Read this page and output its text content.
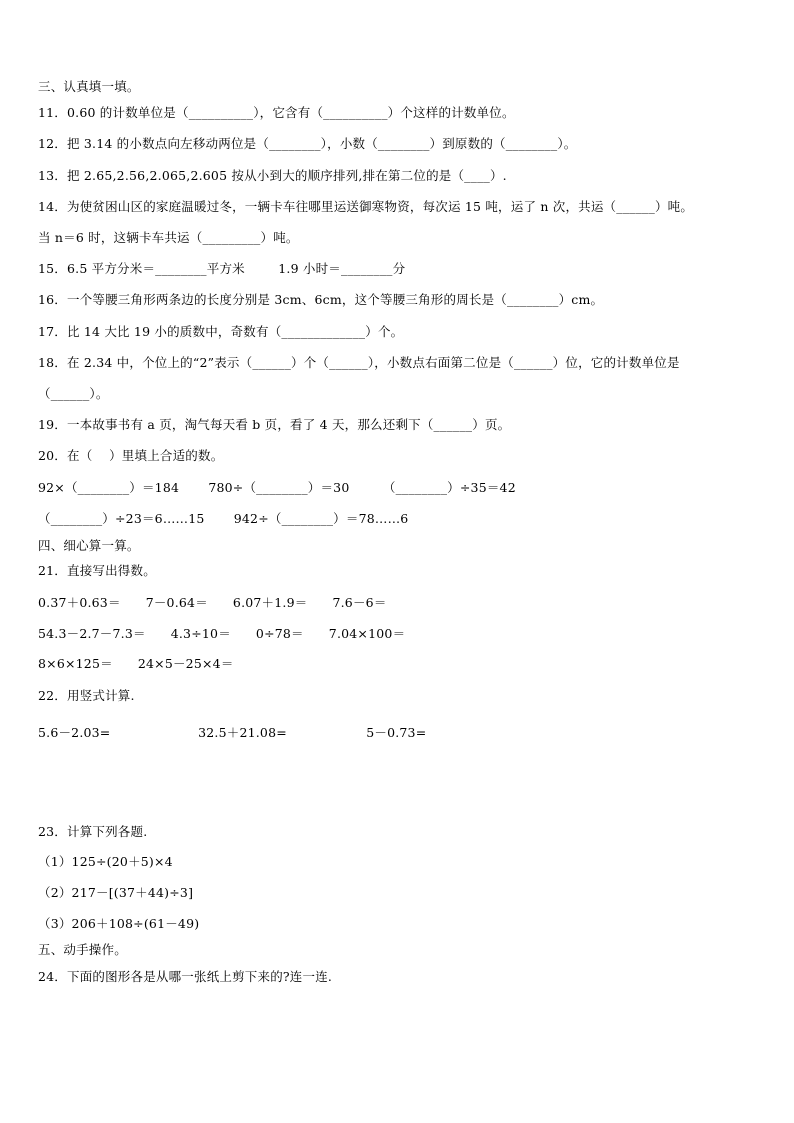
三、认真填一填。
11．0.60 的计数单位是（__________），它含有（__________）个这样的计数单位。
12．把 3.14 的小数点向左移动两位是（________），小数（________）到原数的（________）。
13．把 2.65,2.56,2.065,2.605 按从小到大的顺序排列,排在第二位的是（____）.
14．为使贫困山区的家庭温暖过冬，一辆卡车往哪里运送御寒物资，每次运 15 吨，运了 n 次，共运（______）吨。
当 n＝6 时，这辆卡车共运（_________）吨。
15．6.5 平方分米＝________平方米        1.9 小时＝________分
16．一个等腰三角形两条边的长度分别是 3cm、6cm，这个等腰三角形的周长是（________）cm。
17．比 14 大比 19 小的质数中，奇数有（_____________）个。
18．在 2.34 中，个位上的“2”表示（______）个（______），小数点右面第二位是（______）位，它的计数单位是
（______）。
19．一本故事书有 a 页，淘气每天看 b 页，看了 4 天，那么还剩下（______）页。
20．在（    ）里填上合适的数。
92×（________）＝184       780÷（________）＝30        （________）÷35＝42
（________）÷23＝6……15       942÷（________）＝78……6
四、细心算一算。
21．直接写出得数。
0.37＋0.63＝      7－0.64＝      6.07＋1.9＝      7.6－6＝
54.3－2.7－7.3＝      4.3÷10＝      0÷78＝      7.04×100＝
8×6×125＝      24×5－25×4＝
22．用竖式计算.
5.6－2.03=                     32.5＋21.08=                   5－0.73=
23．计算下列各题.
（1）125÷(20＋5)×4
（2）217－[(37＋44)÷3]
（3）206＋108÷(61－49)
五、动手操作。
24．下面的图形各是从哪一张纸上剪下来的?连一连.
